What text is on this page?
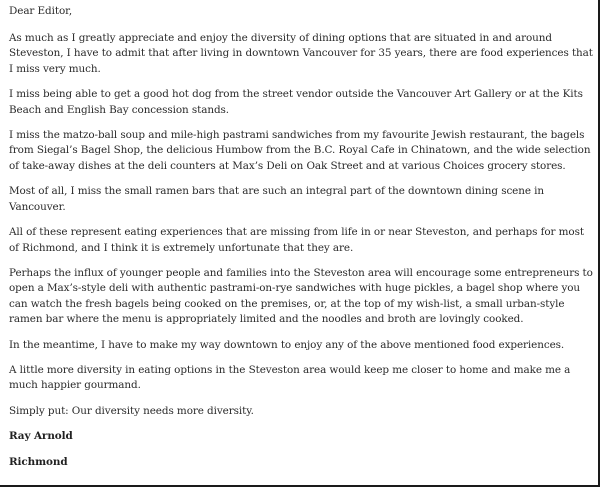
Dear Editor,

As much as I greatly appreciate and enjoy the diversity of dining options that are situated in and around Steveston, I have to admit that after living in downtown Vancouver for 35 years, there are food experiences that I miss very much.

I miss being able to get a good hot dog from the street vendor outside the Vancouver Art Gallery or at the Kits Beach and English Bay concession stands.

I miss the matzo-ball soup and mile-high pastrami sandwiches from my favourite Jewish restaurant, the bagels from Siegal’s Bagel Shop, the delicious Humbow from the B.C. Royal Cafe in Chinatown, and the wide selection of take-away dishes at the deli counters at Max’s Deli on Oak Street and at various Choices grocery stores.

Most of all, I miss the small ramen bars that are such an integral part of the downtown dining scene in Vancouver.

All of these represent eating experiences that are missing from life in or near Steveston, and perhaps for most of Richmond, and I think it is extremely unfortunate that they are.

Perhaps the influx of younger people and families into the Steveston area will encourage some entrepreneurs to open a Max’s-style deli with authentic pastrami-on-rye sandwiches with huge pickles, a bagel shop where you can watch the fresh bagels being cooked on the premises, or, at the top of my wish-list, a small urban-style ramen bar where the menu is appropriately limited and the noodles and broth are lovingly cooked.

In the meantime, I have to make my way downtown to enjoy any of the above mentioned food experiences.

A little more diversity in eating options in the Steveston area would keep me closer to home and make me a much happier gourmand.

Simply put: Our diversity needs more diversity.

Ray Arnold

Richmond
